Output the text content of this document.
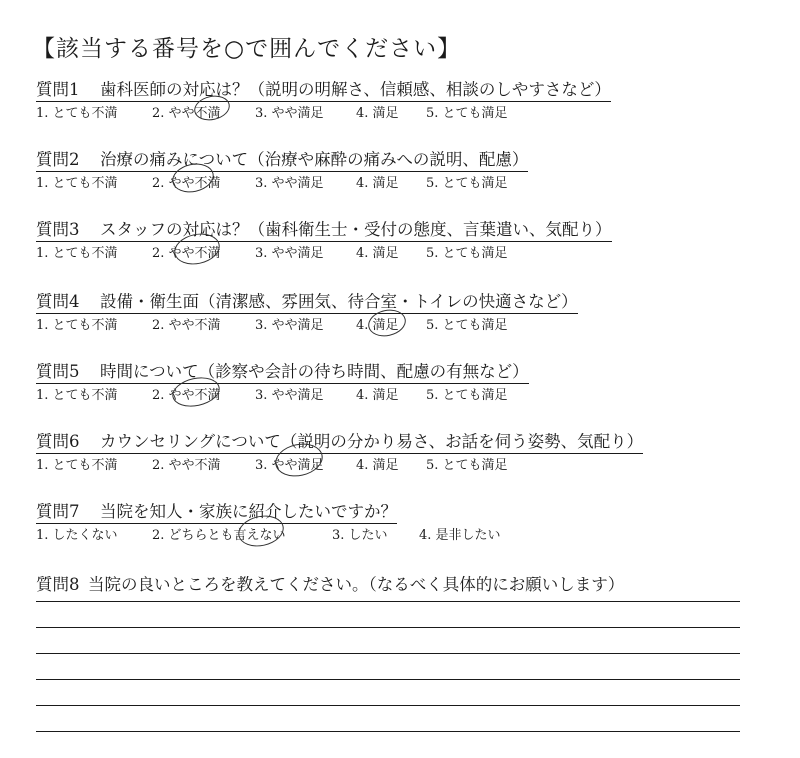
【該当する番号を○で囲んでください】
質問1 歯科医師の対応は？（説明の明解さ、信頼感、相談のしやすさなど）
1. とても不満	2. やや不満	3. やや満足	4. 満足	5. とても満足
質問2 治療の痛みについて（治療や麻酔の痛みへの説明、配慮）
1. とても不満	2. やや不満	3. やや満足	4. 満足	5. とても満足
質問3 スタッフの対応は？（歯科衛生士・受付の態度、言葉遣い、気配り）
1. とても不満	2. やや不満	3. やや満足	4. 満足	5. とても満足
質問4 設備・衛生面（清潔感、雰囲気、待合室・トイレの快適さなど）
1. とても不満	2. やや不満	3. やや満足	4. 満足	5. とても満足
質問5 時間について（診察や会計の待ち時間、配慮の有無など）
1. とても不満	2. やや不満	3. やや満足	4. 満足	5. とても満足
質問6 カウンセリングについて（説明の分かり易さ、お話を伺う姿勢、気配り）
1. とても不満	2. やや不満	3. やや満足	4. 満足	5. とても満足
質問7 当院を知人・家族に紹介したいですか？
1. したくない	2. どちらとも言えない	3. したい	4. 是非したい
質問8 当院の良いところを教えてください。（なるべく具体的にお願いします）
